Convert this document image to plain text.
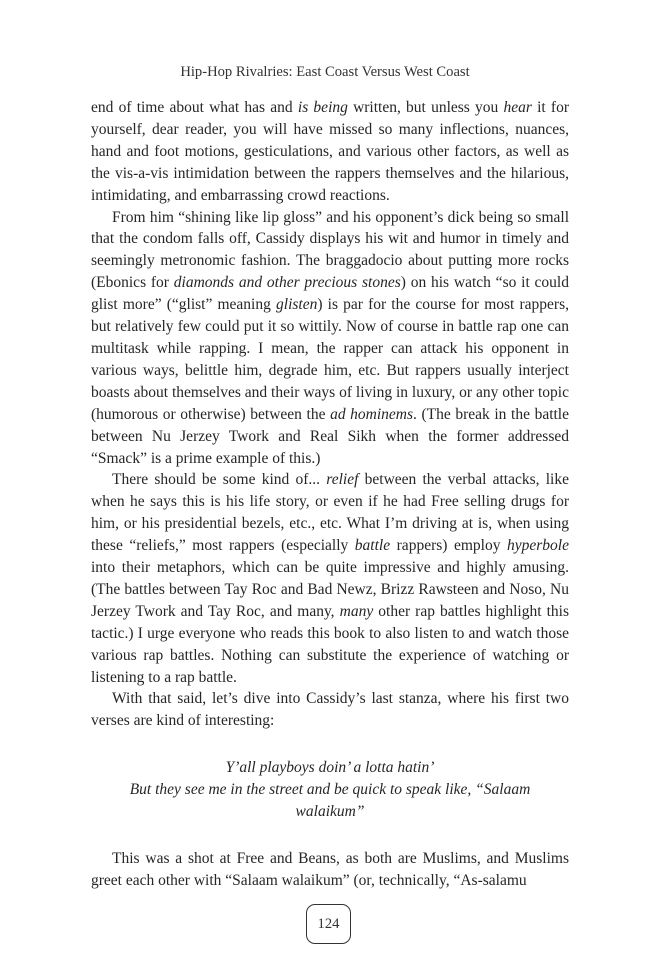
Hip-Hop Rivalries: East Coast Versus West Coast

end of time about what has and is being written, but unless you hear it for yourself, dear reader, you will have missed so many inflections, nuances, hand and foot motions, gesticulations, and various other factors, as well as the vis-a-vis intimidation between the rappers themselves and the hilarious, intimidating, and embarrassing crowd reactions.

From him “shining like lip gloss” and his opponent’s dick being so small that the condom falls off, Cassidy displays his wit and humor in timely and seemingly metronomic fashion. The braggadocio about putting more rocks (Ebonics for diamonds and other precious stones) on his watch “so it could glist more” (“glist” meaning glisten) is par for the course for most rappers, but relatively few could put it so wittily. Now of course in battle rap one can multitask while rapping. I mean, the rapper can attack his opponent in various ways, belittle him, degrade him, etc. But rappers usually interject boasts about themselves and their ways of living in luxury, or any other topic (humorous or otherwise) between the ad hominems. (The break in the battle between Nu Jerzey Twork and Real Sikh when the former addressed “Smack” is a prime example of this.)

There should be some kind of... relief between the verbal attacks, like when he says this is his life story, or even if he had Free selling drugs for him, or his presidential bezels, etc., etc. What I’m driving at is, when using these “reliefs,” most rappers (especially battle rappers) employ hyperbole into their metaphors, which can be quite impressive and highly amusing. (The battles between Tay Roc and Bad Newz, Brizz Rawsteen and Noso, Nu Jerzey Twork and Tay Roc, and many, many other rap battles highlight this tactic.) I urge everyone who reads this book to also listen to and watch those various rap battles. Nothing can substitute the experience of watching or listening to a rap battle.

With that said, let’s dive into Cassidy’s last stanza, where his first two verses are kind of interesting:

Y’all playboys doin’ a lotta hatin’
But they see me in the street and be quick to speak like, “Salaam walaikum”

This was a shot at Free and Beans, as both are Muslims, and Muslims greet each other with “Salaam walaikum” (or, technically, “As-salamu

124
